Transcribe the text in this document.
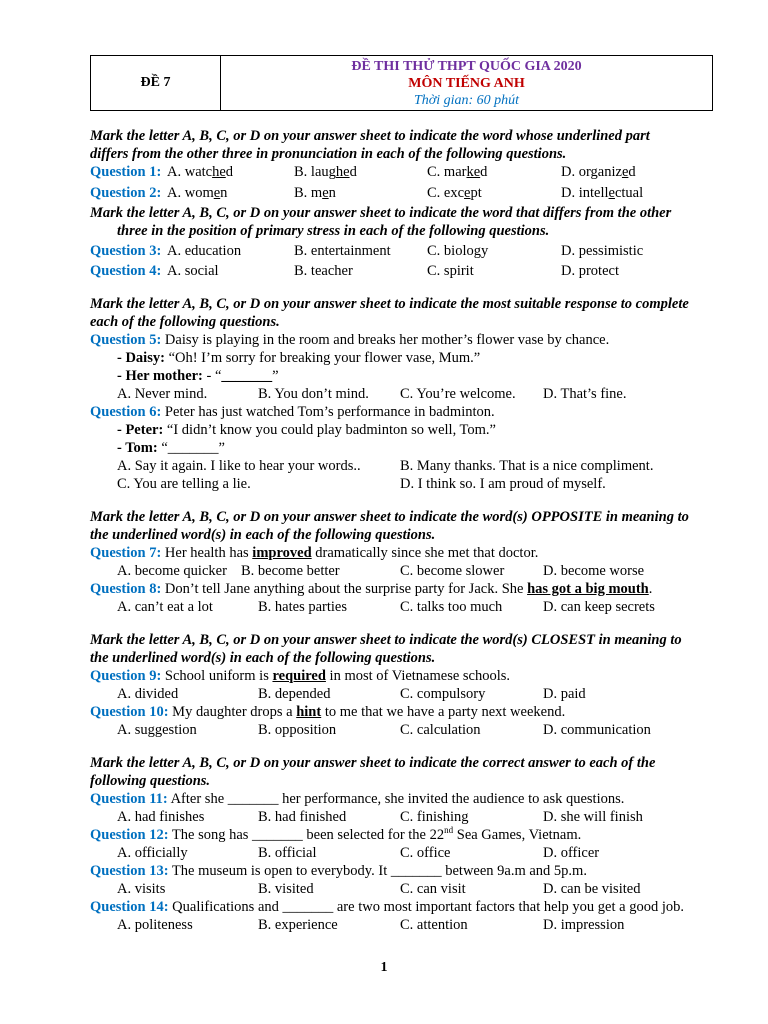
ĐỀ 7
ĐỀ THI THỬ THPT QUỐC GIA 2020
MÔN TIẾNG ANH
Thời gian: 60 phút
Mark the letter A, B, C, or D on your answer sheet to indicate the word whose underlined part
differs from the other three in pronunciation in each of the following questions.
Question 1: A. watched	B. laughed	C. marked	D. organized
Question 2: A. women	B. men	C. except	D. intellectual
Mark the letter A, B, C, or D on your answer sheet to indicate the word that differs from the other
three in the position of primary stress in each of the following questions.
Question 3: A. education	B. entertainment	C. biology	D. pessimistic
Question 4: A. social	B. teacher	C. spirit	D. protect
Mark the letter A, B, C, or D on your answer sheet to indicate the most suitable response to complete
each of the following questions.
Question 5: Daisy is playing in the room and breaks her mother’s flower vase by chance.
- Daisy: “Oh! I’m sorry for breaking your flower vase, Mum.”
- Her mother: - “_______”
A. Never mind.	B. You don’t mind. C. You’re welcome. D. That’s fine.
Question 6: Peter has just watched Tom’s performance in badminton.
- Peter: “I didn’t know you could play badminton so well, Tom.”
- Tom: “_______”
A. Say it again. I like to hear your words..	B. Many thanks. That is a nice compliment.
C. You are telling a lie.	D. I think so. I am proud of myself.
Mark the letter A, B, C, or D on your answer sheet to indicate the word(s) OPPOSITE in meaning to
the underlined word(s) in each of the following questions.
Question 7: Her health has improved dramatically since she met that doctor.
A. become quicker B. become better	C. become slower	D. become worse
Question 8: Don’t tell Jane anything about the surprise party for Jack. She has got a big mouth.
A. can’t eat a lot	B. hates parties	C. talks too much	D. can keep secrets
Mark the letter A, B, C, or D on your answer sheet to indicate the word(s) CLOSEST in meaning to
the underlined word(s) in each of the following questions.
Question 9: School uniform is required in most of Vietnamese schools.
A. divided	B. depended	C. compulsory	D. paid
Question 10: My daughter drops a hint to me that we have a party next weekend.
A. suggestion	B. opposition	C. calculation	D. communication
Mark the letter A, B, C, or D on your answer sheet to indicate the correct answer to each of the
following questions.
Question 11: After she _______ her performance, she invited the audience to ask questions.
A. had finishes	B. had finished	C. finishing	D. she will finish
Question 12: The song has _______ been selected for the 22nd Sea Games, Vietnam.
A. officially	B. official	C. office	D. officer
Question 13: The museum is open to everybody. It _______ between 9a.m and 5p.m.
A. visits	B. visited	C. can visit	D. can be visited
Question 14: Qualifications and _______ are two most important factors that help you get a good job.
A. politeness	B. experience	C. attention	D. impression
1
